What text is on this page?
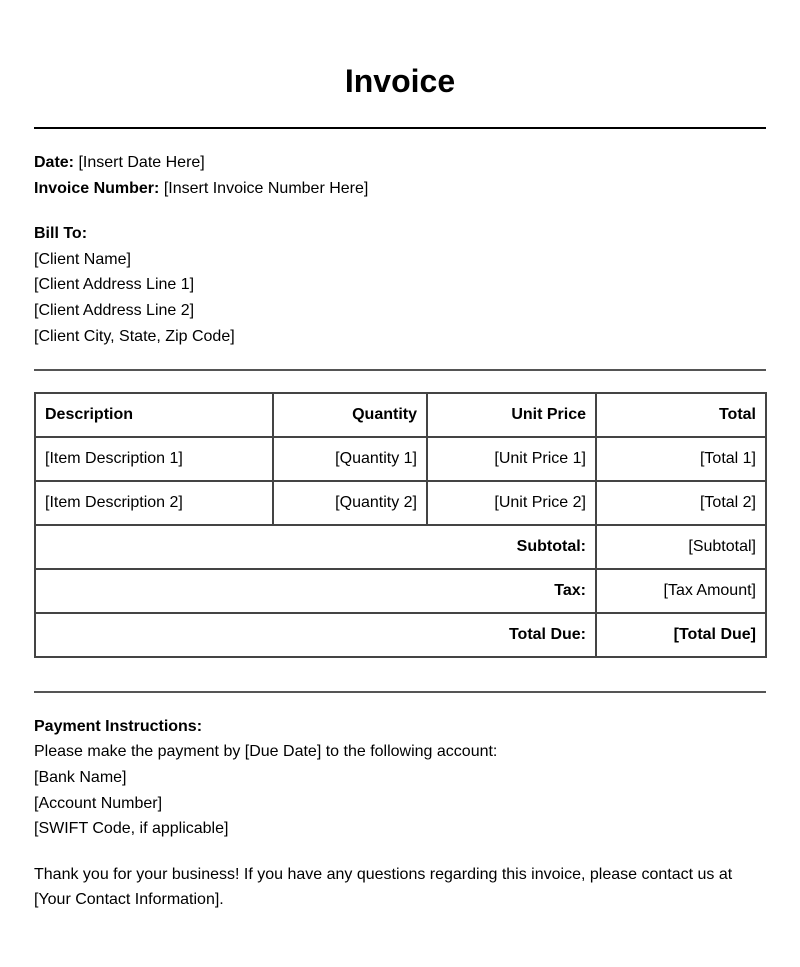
Invoice
Date: [Insert Date Here]
Invoice Number: [Insert Invoice Number Here]
Bill To:
[Client Name]
[Client Address Line 1]
[Client Address Line 2]
[Client City, State, Zip Code]
Description	Quantity	Unit Price	Total
[Item Description 1]	[Quantity 1]	[Unit Price 1]	[Total 1]
[Item Description 2]	[Quantity 2]	[Unit Price 2]	[Total 2]
Subtotal:			[Subtotal]
Tax:			[Tax Amount]
Total Due:			[Total Due]
Payment Instructions:
Please make the payment by [Due Date] to the following account:
[Bank Name]
[Account Number]
[SWIFT Code, if applicable]
Thank you for your business! If you have any questions regarding this invoice, please contact us at
[Your Contact Information].
